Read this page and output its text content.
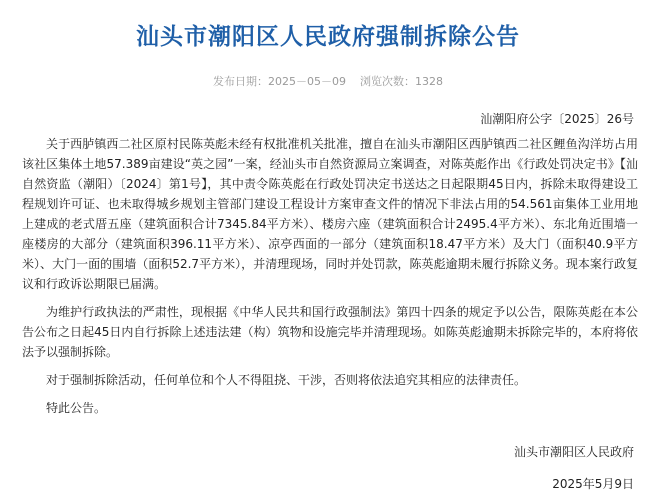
汕头市潮阳区人民政府强制拆除公告
发布日期：2025－05－09 浏览次数：1328
汕潮阳府公字〔2025〕26号

关于西胪镇西二社区原村民陈英彪未经有权批准机关批准，擅自在汕头市潮阳区西胪镇西二社区鲤鱼沟洋坊占用该社区集体土地57.389亩建设“英之园”一案，经汕头市自然资源局立案调查，对陈英彪作出《行政处罚决定书》【汕自然资监（潮阳）〔2024〕第1号】，其中责令陈英彪在行政处罚决定书送达之日起限期45日内，拆除未取得建设工程规划许可证、也未取得城乡规划主管部门建设工程设计方案审查文件的情况下非法占用的54.561亩集体工业用地上建成的老式厝五座（建筑面积合计7345.84平方米）、楼房六座（建筑面积合计2495.4平方米）、东北角近围墙一座楼房的大部分（建筑面积396.11平方米）、凉亭西面的一部分（建筑面积18.47平方米）及大门（面积40.9平方米）、大门一面的围墙（面积52.7平方米），并清理现场，同时并处罚款，陈英彪逾期未履行拆除义务。现本案行政复议和行政诉讼期限已届满。

为维护行政执法的严肃性，现根据《中华人民共和国行政强制法》第四十四条的规定予以公告，限陈英彪在本公告公布之日起45日内自行拆除上述违法建（构）筑物和设施完毕并清理现场。如陈英彪逾期未拆除完毕的，本府将依法予以强制拆除。

对于强制拆除活动，任何单位和个人不得阻挠、干涉，否则将依法追究其相应的法律责任。

特此公告。

汕头市潮阳区人民政府
2025年5月9日
